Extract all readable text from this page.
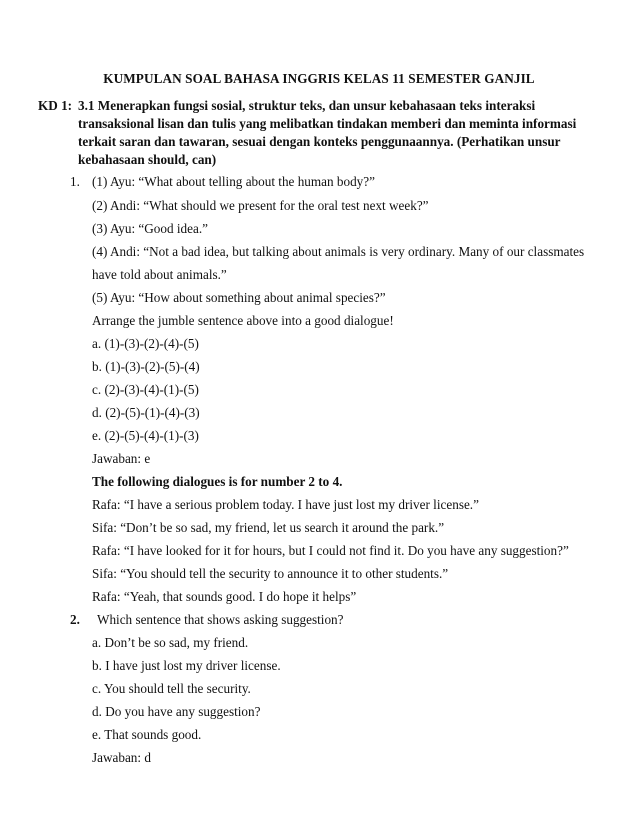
KUMPULAN SOAL BAHASA INGGRIS KELAS 11 SEMESTER GANJIL
KD 1: 3.1 Menerapkan fungsi sosial, struktur teks, dan unsur kebahasaan teks interaksi
transaksional lisan dan tulis yang melibatkan tindakan memberi dan meminta informasi
terkait saran dan tawaran, sesuai dengan konteks penggunaannya. (Perhatikan unsur
kebahasaan should, can)
1. (1) Ayu: “What about telling about the human body?”
(2) Andi: “What should we present for the oral test next week?”
(3) Ayu: “Good idea.”
(4) Andi: “Not a bad idea, but talking about animals is very ordinary. Many of our classmates
have told about animals.”
(5) Ayu: “How about something about animal species?”
Arrange the jumble sentence above into a good dialogue!
a. (1)-(3)-(2)-(4)-(5)
b. (1)-(3)-(2)-(5)-(4)
c. (2)-(3)-(4)-(1)-(5)
d. (2)-(5)-(1)-(4)-(3)
e. (2)-(5)-(4)-(1)-(3)
Jawaban: e
The following dialogues is for number 2 to 4.
Rafa: “I have a serious problem today. I have just lost my driver license.”
Sifa: “Don’t be so sad, my friend, let us search it around the park.”
Rafa: “I have looked for it for hours, but I could not find it. Do you have any suggestion?”
Sifa: “You should tell the security to announce it to other students.”
Rafa: “Yeah, that sounds good. I do hope it helps”
2. Which sentence that shows asking suggestion?
a. Don’t be so sad, my friend.
b. I have just lost my driver license.
c. You should tell the security.
d. Do you have any suggestion?
e. That sounds good.
Jawaban: d
